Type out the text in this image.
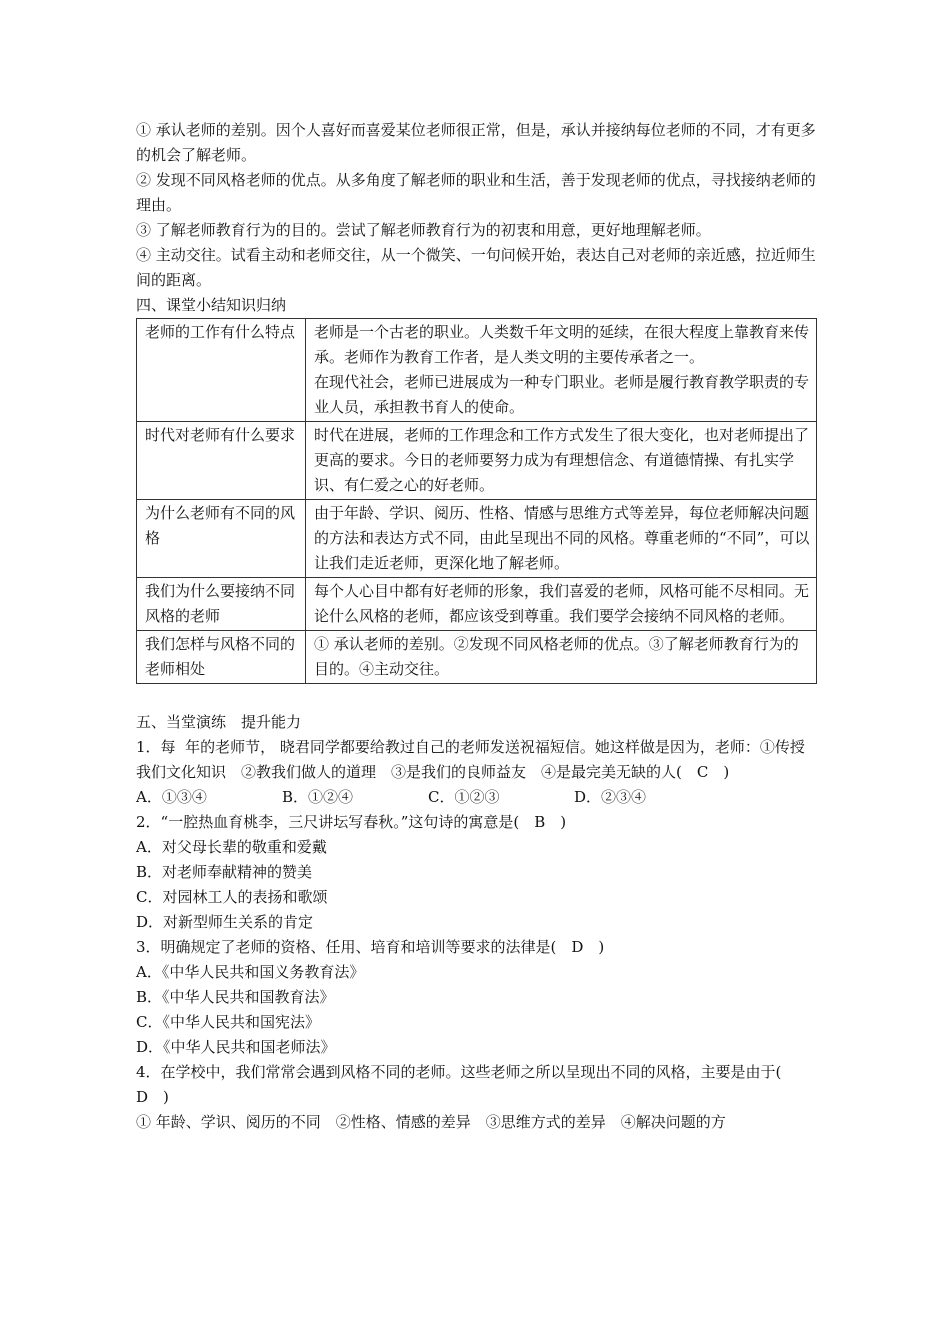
① 承认老师的差别。因个人喜好而喜爱某位老师很正常，但是，承认并接纳每位老师的不同，才有更多的机会了解老师。

② 发现不同风格老师的优点。从多角度了解老师的职业和生活，善于发现老师的优点，寻找接纳老师的理由。

③ 了解老师教育行为的目的。尝试了解老师教育行为的初衷和用意，更好地理解老师。

④ 主动交往。试看主动和老师交往，从一个微笑、一句问候开始，表达自己对老师的亲近感，拉近师生间的距离。

四、课堂小结知识归纳

老师的工作有什么特点	老师是一个古老的职业。人类数千年文明的延续，在很大程度上靠教育来传承。老师作为教育工作者，是人类文明的主要传承者之一。
在现代社会，老师已进展成为一种专门职业。老师是履行教育教学职责的专业人员，承担教书育人的使命。

时代对老师有什么要求	时代在进展，老师的工作理念和工作方式发生了很大变化，也对老师提出了更高的要求。今日的老师要努力成为有理想信念、有道德情操、有扎实学识、有仁爱之心的好老师。
为什么老师有不同的风格	由于年龄、学识、阅历、性格、情感与思维方式等差异，每位老师解决问题的方法和表达方式不同，由此呈现出不同的风格。尊重老师的“不同”，可以让我们走近老师，更深化地了解老师。
我们为什么要接纳不同风格的老师	每个人心目中都有好老师的形象，我们喜爱的老师，风格可能不尽相同。无论什么风格的老师，都应该受到尊重。我们要学会接纳不同风格的老师。
我们怎样与风格不同的老师相处	① 承认老师的差别。②发现不同风格老师的优点。③了解老师教育行为的目的。④主动交往。

五、当堂演练　提升能力

1．每  年的老师节， 晓君同学都要给教过自己的老师发送祝福短信。她这样做是因为，老师：①传授我们文化知识　②教我们做人的道理　③是我们的良师益友　④是最完美无缺的人(　C　)

A．①③④	B．①②④	C．①②③	D．②③④

2．“一腔热血育桃李，三尺讲坛写春秋。”这句诗的寓意是(　B　)

A．对父母长辈的敬重和爱戴

B．对老师奉献精神的赞美

C．对园林工人的表扬和歌颂

D．对新型师生关系的肯定

3．明确规定了老师的资格、任用、培育和培训等要求的法律是(　D　)

A．《中华人民共和国义务教育法》

B．《中华人民共和国教育法》

C．《中华人民共和国宪法》

D．《中华人民共和国老师法》

4．在学校中，我们常常会遇到风格不同的老师。这些老师之所以呈现出不同的风格，主要是由于(　D　)

① 年龄、学识、阅历的不同　②性格、情感的差异　③思维方式的差异　④解决问题的方
